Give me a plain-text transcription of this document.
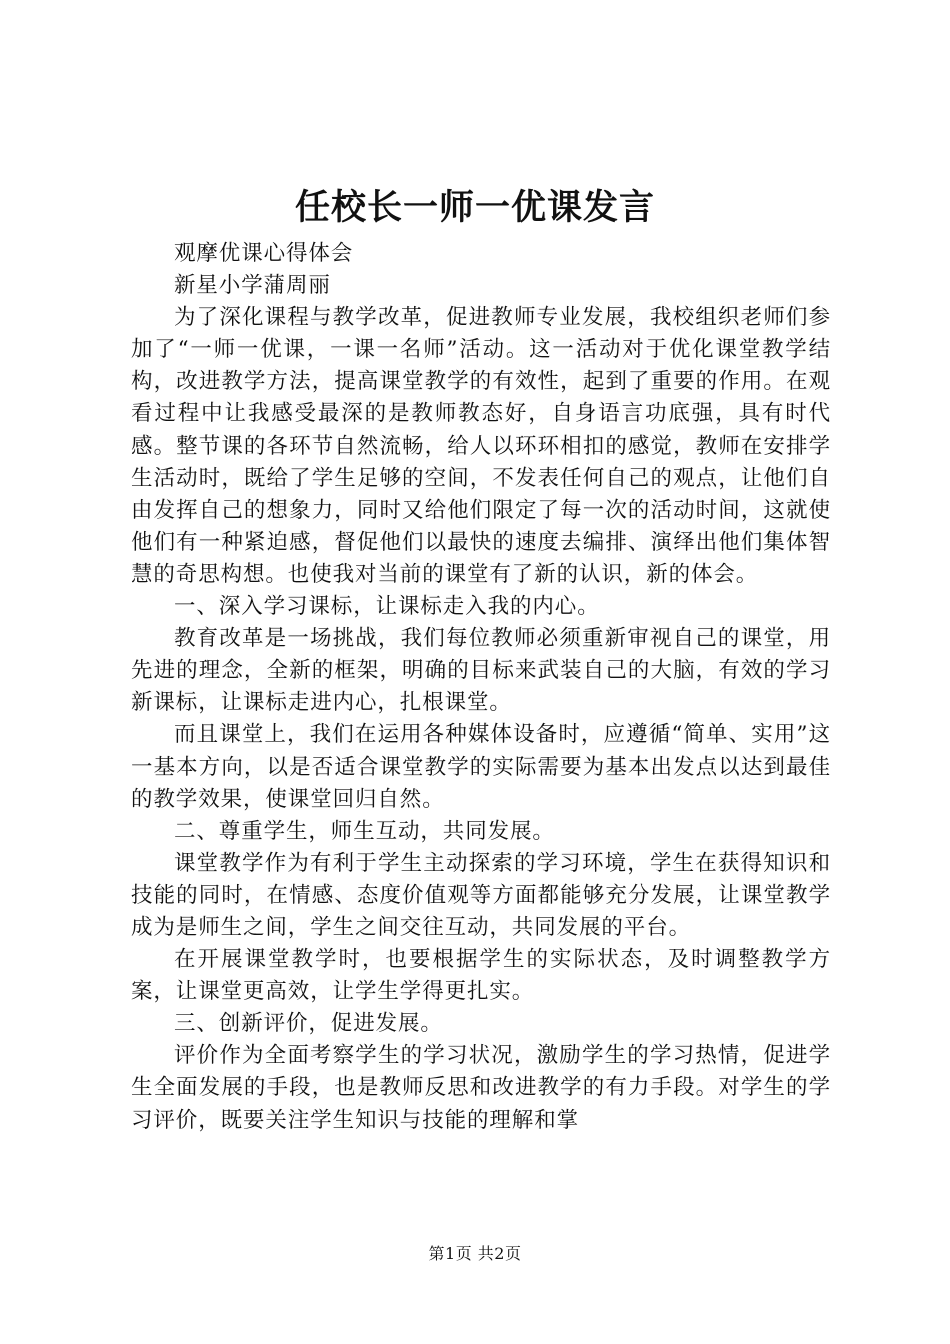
任校长一师一优课发言

观摩优课心得体会

新星小学蒲周丽

为了深化课程与教学改革，促进教师专业发展，我校组织老师们参加了“一师一优课，一课一名师”活动。这一活动对于优化课堂教学结构，改进教学方法，提高课堂教学的有效性，起到了重要的作用。在观看过程中让我感受最深的是教师教态好，自身语言功底强，具有时代感。整节课的各环节自然流畅，给人以环环相扣的感觉，教师在安排学生活动时，既给了学生足够的空间，不发表任何自己的观点，让他们自由发挥自己的想象力，同时又给他们限定了每一次的活动时间，这就使他们有一种紧迫感，督促他们以最快的速度去编排、演绎出他们集体智慧的奇思构想。也使我对当前的课堂有了新的认识，新的体会。

一、深入学习课标，让课标走入我的内心。

教育改革是一场挑战，我们每位教师必须重新审视自己的课堂，用先进的理念，全新的框架，明确的目标来武装自己的大脑，有效的学习新课标，让课标走进内心，扎根课堂。

而且课堂上，我们在运用各种媒体设备时，应遵循“简单、实用”这一基本方向，以是否适合课堂教学的实际需要为基本出发点以达到最佳的教学效果，使课堂回归自然。

二、尊重学生，师生互动，共同发展。

课堂教学作为有利于学生主动探索的学习环境，学生在获得知识和技能的同时，在情感、态度价值观等方面都能够充分发展，让课堂教学成为是师生之间，学生之间交往互动，共同发展的平台。

在开展课堂教学时，也要根据学生的实际状态，及时调整教学方案，让课堂更高效，让学生学得更扎实。

三、创新评价，促进发展。

评价作为全面考察学生的学习状况，激励学生的学习热情，促进学生全面发展的手段，也是教师反思和改进教学的有力手段。对学生的学习评价，既要关注学生知识与技能的理解和掌

第1页 共2页
